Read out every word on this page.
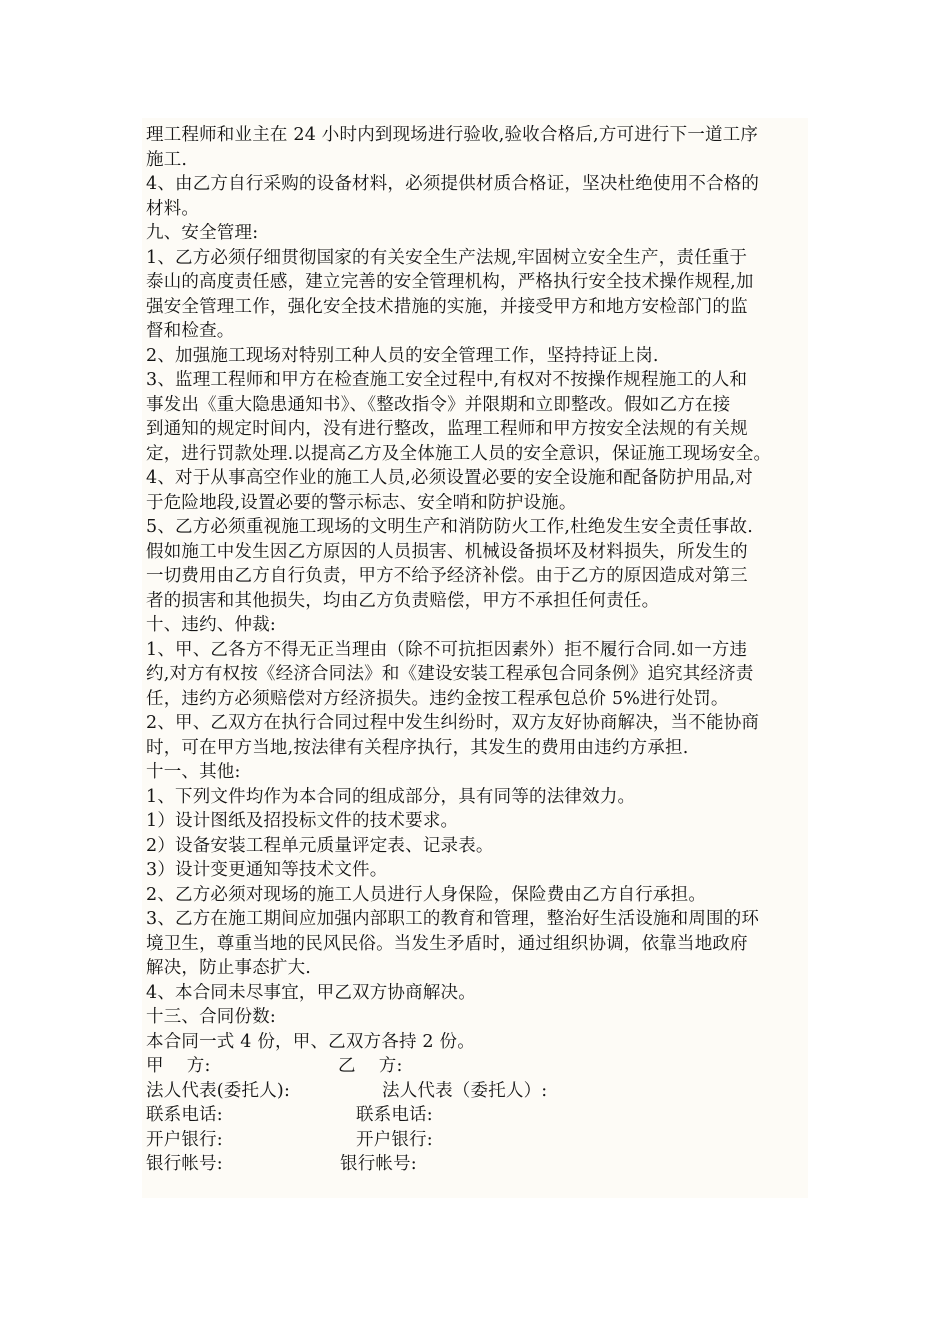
理工程师和业主在 24 小时内到现场进行验收,验收合格后,方可进行下一道工序

施工.

4、由乙方自行采购的设备材料，必须提供材质合格证，坚决杜绝使用不合格的

材料。

九、安全管理:

1、乙方必须仔细贯彻国家的有关安全生产法规,牢固树立安全生产，责任重于

泰山的高度责任感，建立完善的安全管理机构，严格执行安全技术操作规程,加

强安全管理工作，强化安全技术措施的实施，并接受甲方和地方安检部门的监

督和检查。

2、加强施工现场对特别工种人员的安全管理工作，坚持持证上岗.

3、监理工程师和甲方在检查施工安全过程中,有权对不按操作规程施工的人和

事发出《重大隐患通知书》、《整改指令》并限期和立即整改。假如乙方在接

到通知的规定时间内，没有进行整改，监理工程师和甲方按安全法规的有关规

定，进行罚款处理.以提高乙方及全体施工人员的安全意识，保证施工现场安全。

4、对于从事高空作业的施工人员,必须设置必要的安全设施和配备防护用品,对

于危险地段,设置必要的警示标志、安全哨和防护设施。

5、乙方必须重视施工现场的文明生产和消防防火工作,杜绝发生安全责任事故.

假如施工中发生因乙方原因的人员损害、机械设备损坏及材料损失，所发生的

一切费用由乙方自行负责，甲方不给予经济补偿。由于乙方的原因造成对第三

者的损害和其他损失，均由乙方负责赔偿，甲方不承担任何责任。

十、违约、仲裁:

1、甲、乙各方不得无正当理由（除不可抗拒因素外）拒不履行合同.如一方违

约,对方有权按《经济合同法》和《建设安装工程承包合同条例》追究其经济责

任，违约方必须赔偿对方经济损失。违约金按工程承包总价 5%进行处罚。

2、甲、乙双方在执行合同过程中发生纠纷时，双方友好协商解决，当不能协商

时，可在甲方当地,按法律有关程序执行，其发生的费用由违约方承担.

十一、其他:

1、下列文件均作为本合同的组成部分，具有同等的法律效力。

1）设计图纸及招投标文件的技术要求。

2）设备安装工程单元质量评定表、记录表。

3）设计变更通知等技术文件。

2、乙方必须对现场的施工人员进行人身保险，保险费由乙方自行承担。

3、乙方在施工期间应加强内部职工的教育和管理，整治好生活设施和周围的环

境卫生，尊重当地的民风民俗。当发生矛盾时，通过组织协调，依靠当地政府

解决，防止事态扩大.

4、本合同未尽事宜，甲乙双方协商解决。

十三、合同份数:

本合同一式 4 份，甲、乙双方各持 2 份。

甲    方:	乙    方:
法人代表(委托人):	法人代表（委托人）:
联系电话:	联系电话:
开户银行:	开户银行:
银行帐号:	银行帐号:
